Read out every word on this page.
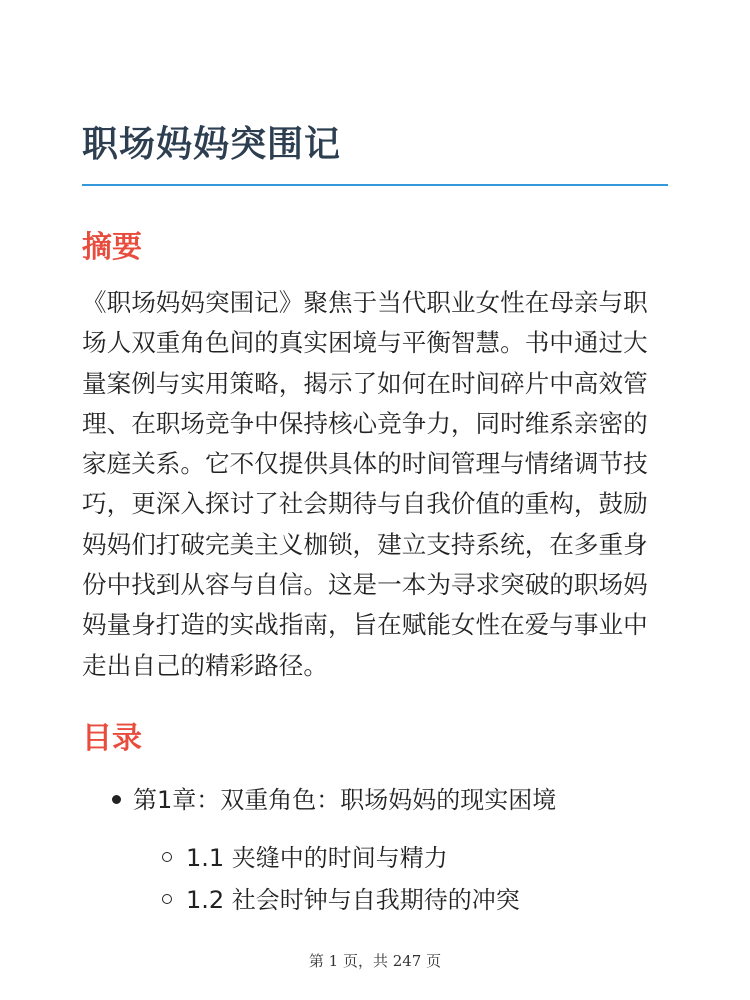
职场妈妈突围记
摘要

《职场妈妈突围记》聚焦于当代职业女性在母亲与职场人双重角色间的真实困境与平衡智慧。书中通过大量案例与实用策略，揭示了如何在时间碎片中高效管理、在职场竞争中保持核心竞争力，同时维系亲密的家庭关系。它不仅提供具体的时间管理与情绪调节技巧，更深入探讨了社会期待与自我价值的重构，鼓励妈妈们打破完美主义枷锁，建立支持系统，在多重身份中找到从容与自信。这是一本为寻求突破的职场妈妈量身打造的实战指南，旨在赋能女性在爱与事业中走出自己的精彩路径。

目录
第1章：双重角色：职场妈妈的现实困境
1.1 夹缝中的时间与精力
1.2 社会时钟与自我期待的冲突
第 1 页，共 247 页
